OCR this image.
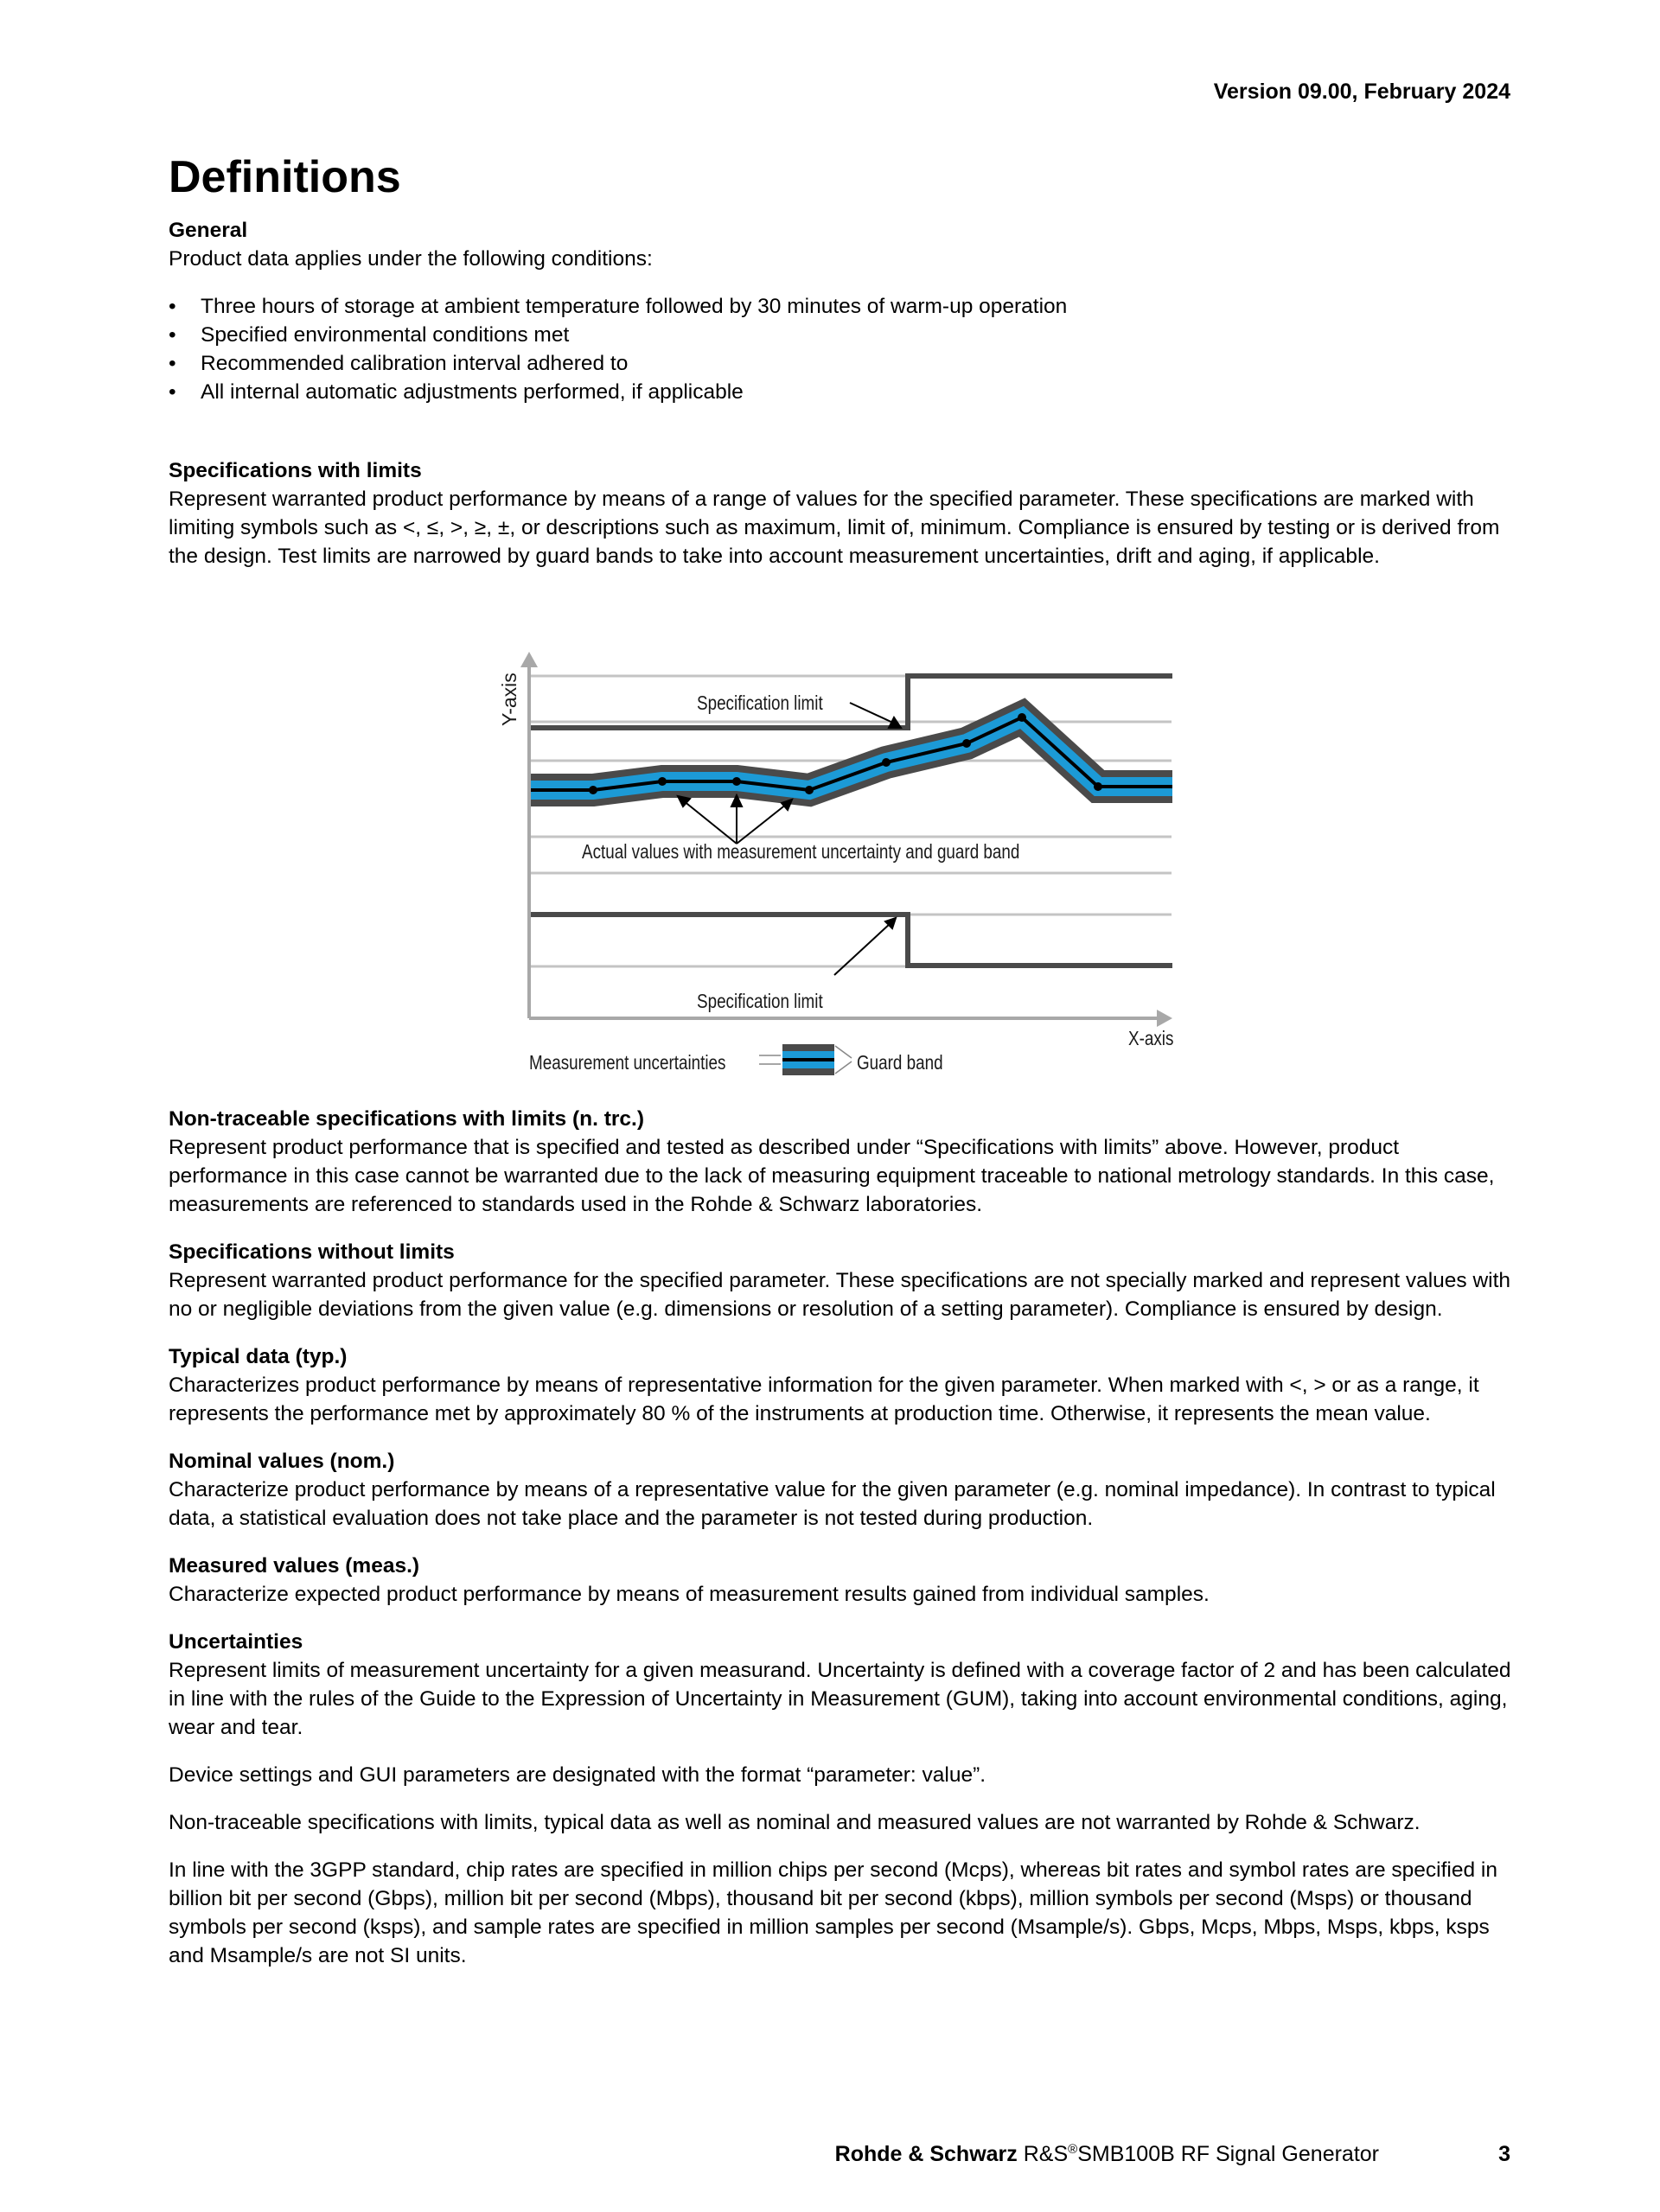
Version 09.00, February 2024
Definitions

General

Product data applies under the following conditions:

• Three hours of storage at ambient temperature followed by 30 minutes of warm-up operation
• Specified environmental conditions met
• Recommended calibration interval adhered to
• All internal automatic adjustments performed, if applicable

Specifications with limits

Represent warranted product performance by means of a range of values for the specified parameter. These specifications are marked with limiting symbols such as <, ≤, >, ≥, ±, or descriptions such as maximum, limit of, minimum. Compliance is ensured by testing or is derived from the design. Test limits are narrowed by guard bands to take into account measurement uncertainties, drift and aging, if applicable.

Y-axis	Specification limit
Actual values with measurement uncertainty and guard band
Specification limit
X-axis
Measurement uncertainties	Guard band

Non-traceable specifications with limits (n. trc.)

Represent product performance that is specified and tested as described under “Specifications with limits” above. However, product performance in this case cannot be warranted due to the lack of measuring equipment traceable to national metrology standards. In this case, measurements are referenced to standards used in the Rohde & Schwarz laboratories.

Specifications without limits

Represent warranted product performance for the specified parameter. These specifications are not specially marked and represent values with no or negligible deviations from the given value (e.g. dimensions or resolution of a setting parameter). Compliance is ensured by design.

Typical data (typ.)

Characterizes product performance by means of representative information for the given parameter. When marked with <, > or as a range, it represents the performance met by approximately 80 % of the instruments at production time. Otherwise, it represents the mean value.

Nominal values (nom.)

Characterize product performance by means of a representative value for the given parameter (e.g. nominal impedance). In contrast to typical data, a statistical evaluation does not take place and the parameter is not tested during production.

Measured values (meas.)

Characterize expected product performance by means of measurement results gained from individual samples.

Uncertainties

Represent limits of measurement uncertainty for a given measurand. Uncertainty is defined with a coverage factor of 2 and has been calculated in line with the rules of the Guide to the Expression of Uncertainty in Measurement (GUM), taking into account environmental conditions, aging, wear and tear.

Device settings and GUI parameters are designated with the format “parameter: value”.

Non-traceable specifications with limits, typical data as well as nominal and measured values are not warranted by Rohde & Schwarz.

In line with the 3GPP standard, chip rates are specified in million chips per second (Mcps), whereas bit rates and symbol rates are specified in billion bit per second (Gbps), million bit per second (Mbps), thousand bit per second (kbps), million symbols per second (Msps) or thousand symbols per second (ksps), and sample rates are specified in million samples per second (Msample/s). Gbps, Mcps, Mbps, Msps, kbps, ksps and Msample/s are not SI units.

Rohde & Schwarz R&S®SMB100B RF Signal Generator	3
